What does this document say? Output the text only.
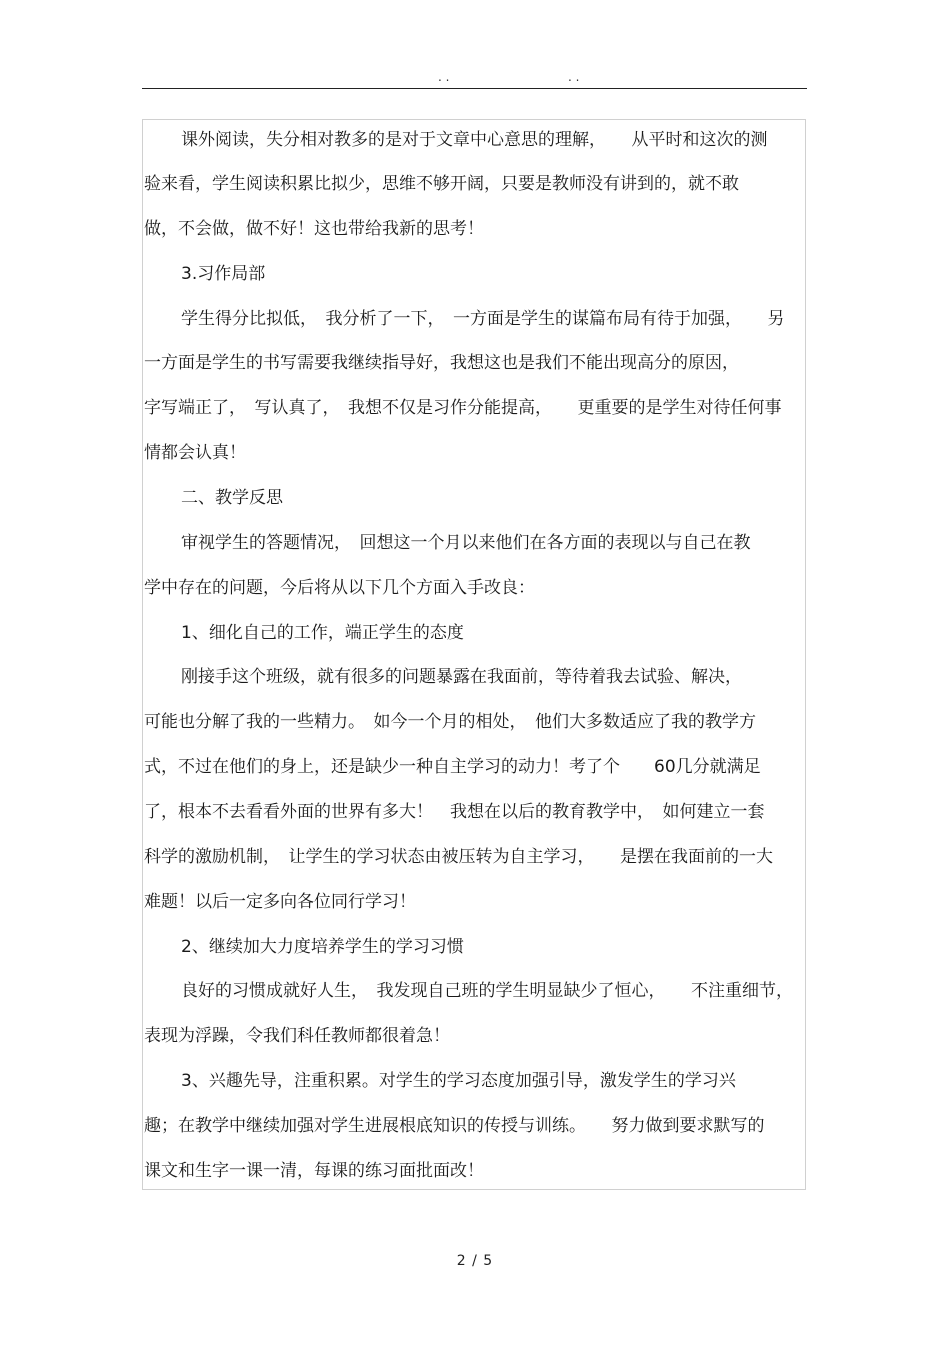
. .	. .
课外阅读，失分相对教多的是对于文章中心意思的理解，　　从平时和这次的测
验来看，学生阅读积累比拟少，思维不够开阔，只要是教师没有讲到的，就不敢
做，不会做，做不好！这也带给我新的思考！
3.习作局部
学生得分比拟低，　我分析了一下，　一方面是学生的谋篇布局有待于加强，　　另
一方面是学生的书写需要我继续指导好，我想这也是我们不能出现高分的原因，
字写端正了，　写认真了，　我想不仅是习作分能提高，　　更重要的是学生对待任何事
情都会认真！
二、教学反思
审视学生的答题情况，　回想这一个月以来他们在各方面的表现以与自己在教
学中存在的问题，今后将从以下几个方面入手改良：
1、细化自己的工作，端正学生的态度
刚接手这个班级，就有很多的问题暴露在我面前，等待着我去试验、解决，
可能也分解了我的一些精力。　如今一个月的相处，　他们大多数适应了我的教学方
式，不过在他们的身上，还是缺少一种自主学习的动力！考了个　　60几分就满足
了，根本不去看看外面的世界有多大！　我想在以后的教育教学中，　如何建立一套
科学的激励机制，　让学生的学习状态由被压转为自主学习，　　是摆在我面前的一大
难题！以后一定多向各位同行学习！
2、继续加大力度培养学生的学习习惯
良好的习惯成就好人生，　我发现自己班的学生明显缺少了恒心，　　不注重细节，
表现为浮躁，令我们科任教师都很着急！
3、兴趣先导，注重积累。对学生的学习态度加强引导，激发学生的学习兴
趣；在教学中继续加强对学生进展根底知识的传授与训练。　　努力做到要求默写的
课文和生字一课一清，每课的练习面批面改！
2 / 5
